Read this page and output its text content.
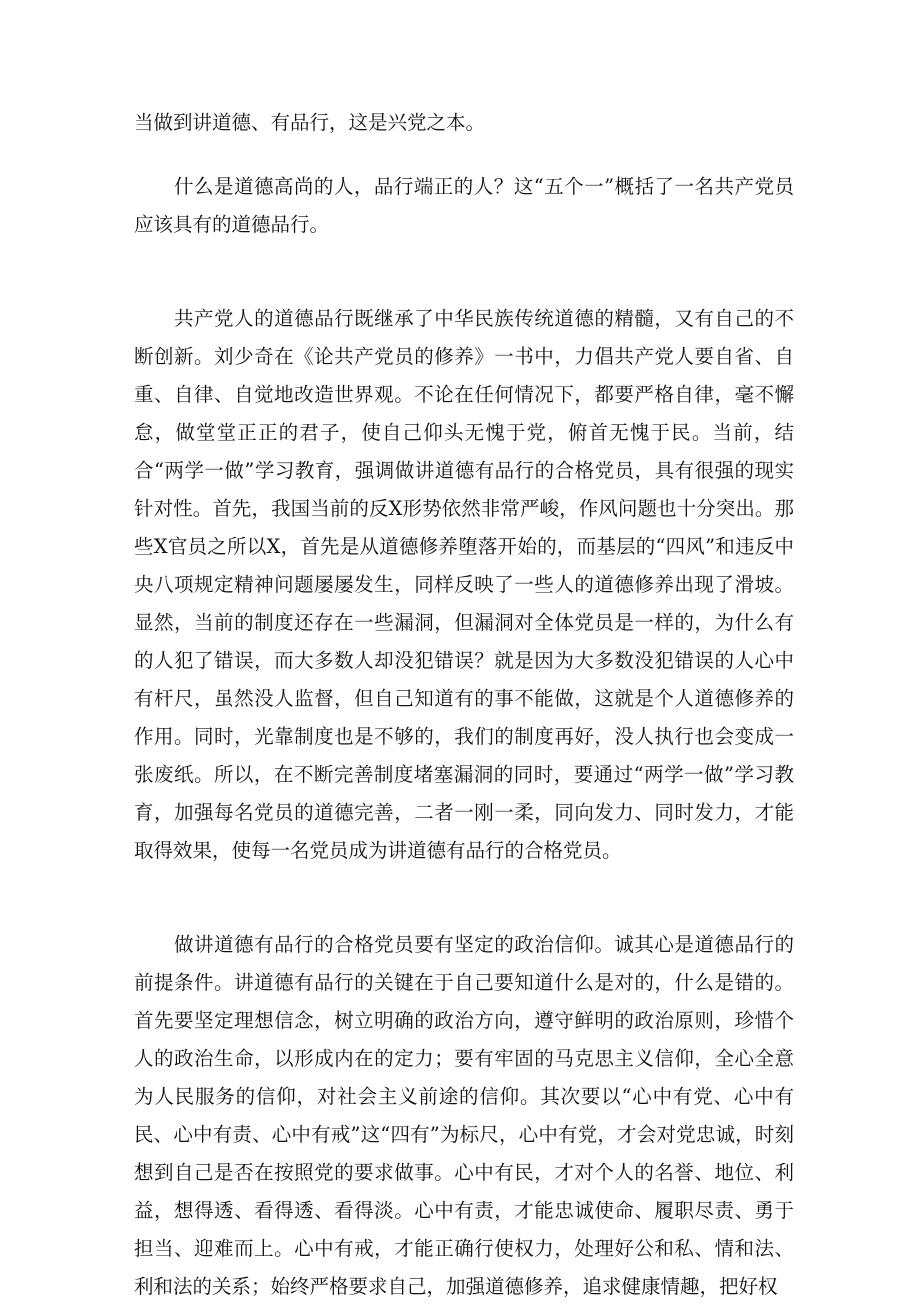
当做到讲道德、有品行，这是兴党之本。

什么是道德高尚的人，品行端正的人？这“五个一”概括了一名共产党员应该具有的道德品行。

共产党人的道德品行既继承了中华民族传统道德的精髓，又有自己的不断创新。刘少奇在《论共产党员的修养》一书中，力倡共产党人要自省、自重、自律、自觉地改造世界观。不论在任何情况下，都要严格自律，毫不懈怠，做堂堂正正的君子，使自己仰头无愧于党，俯首无愧于民。当前，结合“两学一做”学习教育，强调做讲道德有品行的合格党员，具有很强的现实针对性。首先，我国当前的反X形势依然非常严峻，作风问题也十分突出。那些X官员之所以X，首先是从道德修养堕落开始的，而基层的“四风”和违反中央八项规定精神问题屡屡发生，同样反映了一些人的道德修养出现了滑坡。显然，当前的制度还存在一些漏洞，但漏洞对全体党员是一样的，为什么有的人犯了错误，而大多数人却没犯错误？就是因为大多数没犯错误的人心中有杆尺，虽然没人监督，但自己知道有的事不能做，这就是个人道德修养的作用。同时，光靠制度也是不够的，我们的制度再好，没人执行也会变成一张废纸。所以，在不断完善制度堵塞漏洞的同时，要通过“两学一做”学习教育，加强每名党员的道德完善，二者一刚一柔，同向发力、同时发力，才能取得效果，使每一名党员成为讲道德有品行的合格党员。

做讲道德有品行的合格党员要有坚定的政治信仰。诚其心是道德品行的前提条件。讲道德有品行的关键在于自己要知道什么是对的，什么是错的。首先要坚定理想信念，树立明确的政治方向，遵守鲜明的政治原则，珍惜个人的政治生命，以形成内在的定力；要有牢固的马克思主义信仰，全心全意为人民服务的信仰，对社会主义前途的信仰。其次要以“心中有党、心中有民、心中有责、心中有戒”这“四有”为标尺，心中有党，才会对党忠诚，时刻想到自己是否在按照党的要求做事。心中有民，才对个人的名誉、地位、利益，想得透、看得透、看得淡。心中有责，才能忠诚使命、履职尽责、勇于担当、迎难而上。心中有戒，才能正确行使权力，处理好公和私、情和法、利和法的关系；始终严格要求自己，加强道德修养，追求健康情趣，把好权
